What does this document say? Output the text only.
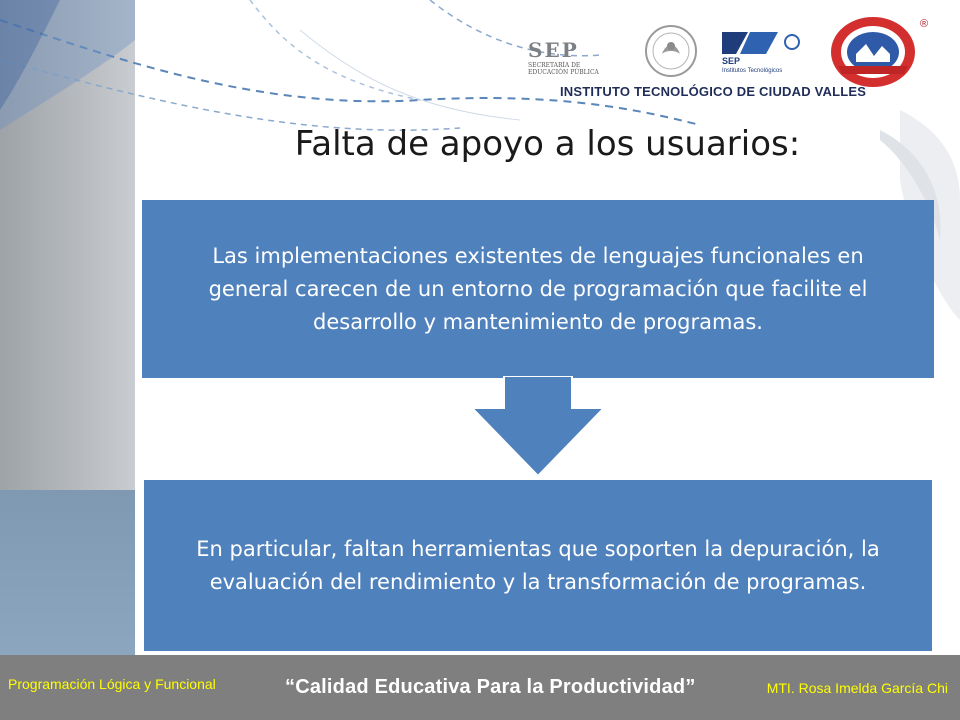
SEP
SECRETARÍA DE
EDUCACIÓN PÚBLICA
SEP
Institutos Tecnológicos
®
INSTITUTO TECNOLÓGICO DE CIUDAD VALLES
Falta de apoyo a los usuarios:
Las implementaciones existentes de lenguajes funcionales en general carecen de un entorno de programación que facilite el desarrollo y mantenimiento de programas.
En particular, faltan herramientas que soporten la depuración, la evaluación del rendimiento y la transformación de programas.
Programación Lógica y Funcional	“Calidad Educativa Para la Productividad”	MTI. Rosa Imelda García Chi
